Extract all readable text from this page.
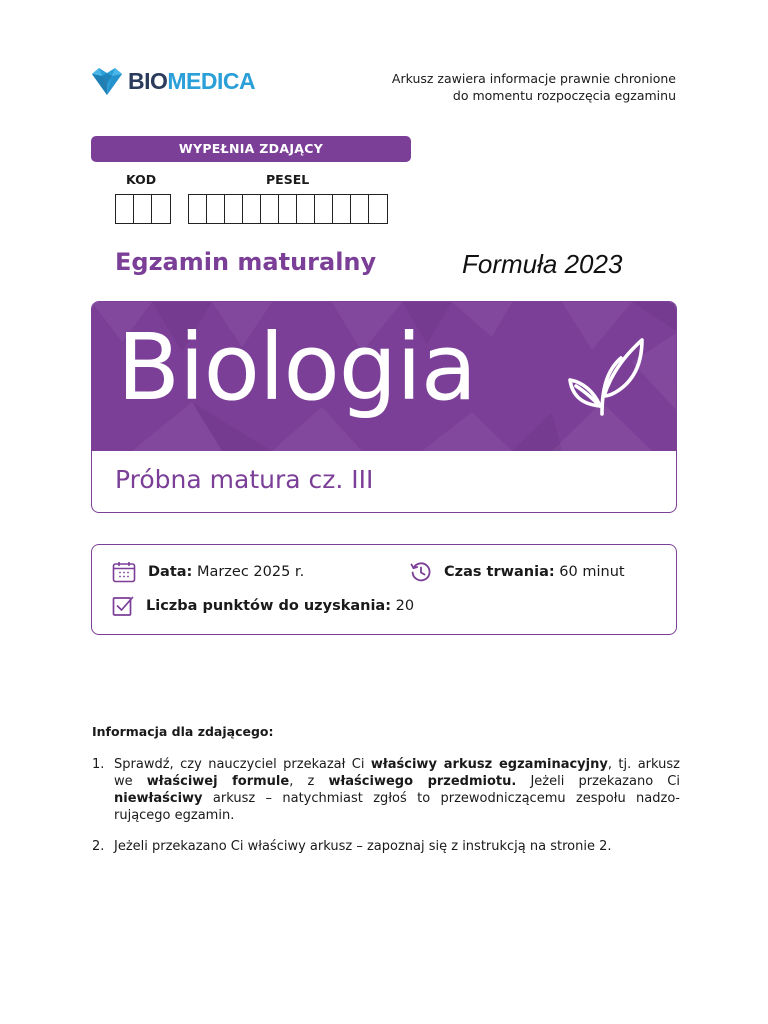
BIOMEDICA	Arkusz zawiera informacje prawnie chronione
do momentu rozpoczęcia egzaminu
WYPEŁNIA ZDAJĄCY
KOD	PESEL
Egzamin maturalny	Formuła 2023
Biologia
Próbna matura cz. III
Data: Marzec 2025 r.	Czas trwania: 60 minut
Liczba punktów do uzyskania: 20
Informacja dla zdającego:
1. Sprawdź, czy nauczyciel przekazał Ci właściwy arkusz egzaminacyjny, tj. arkusz we właściwej formule, z właściwego przedmiotu. Jeżeli przekazano Ci niewłaściwy arkusz – natychmiast zgłoś to przewodniczącemu zespołu nadzorującego egzamin.
2. Jeżeli przekazano Ci właściwy arkusz – zapoznaj się z instrukcją na stronie 2.
